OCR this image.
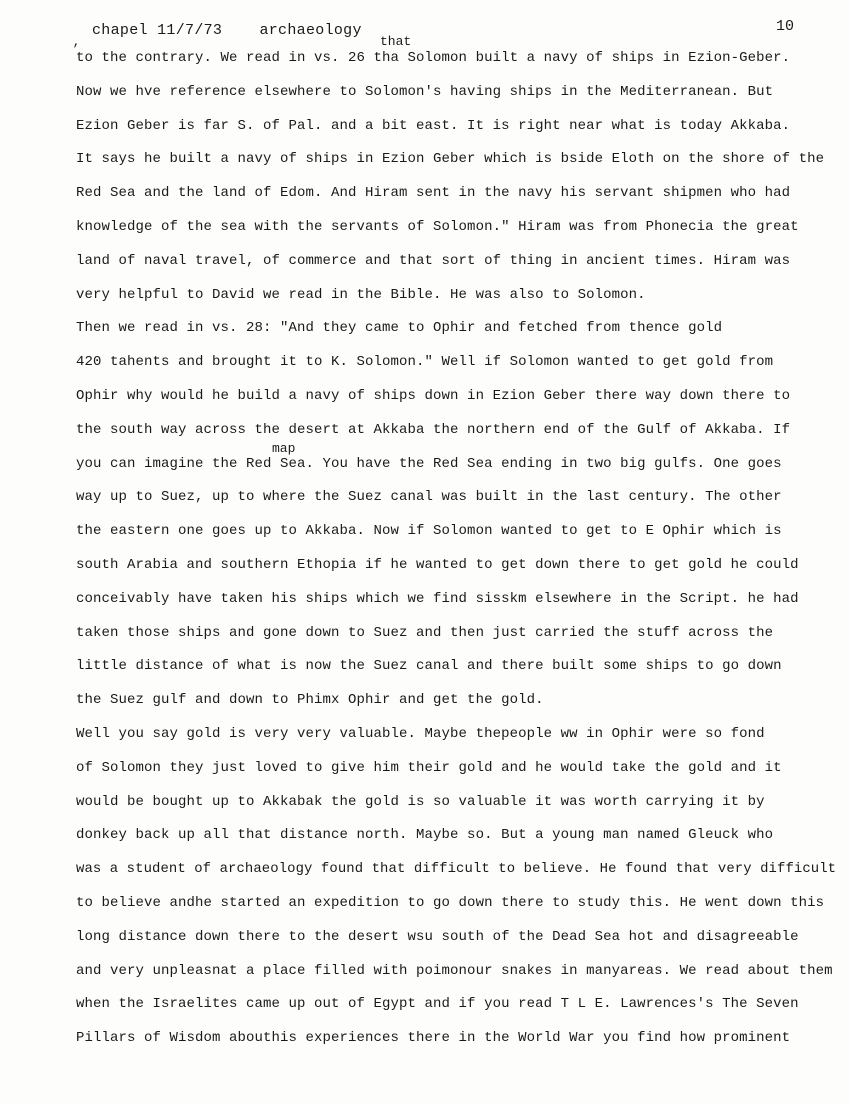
chapel 11/7/73 archaeology	10
‚	that
map
to the contrary. We read in vs. 26 tha Solomon built a navy of ships in Ezion-Geber.
Now we hve reference elsewhere to Solomon's having ships in the Mediterranean. But
Ezion Geber is far S. of Pal. and a bit east. It is right near what is today Akkaba.
It says he built a navy of ships in Ezion Geber which is bside Eloth on the shore of the
Red Sea and the land of Edom. And Hiram sent in the navy his servant shipmen who had
knowledge of the sea with the servants of Solomon." Hiram was from Phonecia the great
land of naval travel, of commerce and that sort of thing in ancient times. Hiram was
very helpful to David we read in the Bible. He was also to Solomon.
Then we read in vs. 28: "And they came to Ophir and fetched from thence gold
420 tahents and brought it to K. Solomon." Well if Solomon wanted to get gold from
Ophir why would he build a navy of ships down in Ezion Geber there way down there to
the south way across the desert at Akkaba the northern end of the Gulf of Akkaba. If
you can imagine the Red Sea. You have the Red Sea ending in two big gulfs. One goes
way up to Suez, up to where the Suez canal was built in the last century. The other
the eastern one goes up to Akkaba. Now if Solomon wanted to get to E Ophir which is
south Arabia and southern Ethopia if he wanted to get down there to get gold he could
conceivably have taken his ships which we find sisskm elsewhere in the Script. he had
taken those ships and gone down to Suez and then just carried the stuff across the
little distance of what is now the Suez canal and there built some ships to go down
the Suez gulf and down to Phimx Ophir and get the gold.
Well you say gold is very very valuable. Maybe thepeople ww in Ophir were so fond
of Solomon they just loved to give him their gold and he would take the gold and it
would be bought up to Akkabak the gold is so valuable it was worth carrying it by
donkey back up all that distance north. Maybe so. But a young man named Gleuck who
was a student of archaeology found that difficult to believe. He found that very difficult
to believe andhe started an expedition to go down there to study this. He went down this
long distance down there to the desert wsu south of the Dead Sea hot and disagreeable
and very unpleasnat a place filled with poimonour snakes in manyareas. We read about them
when the Israelites came up out of Egypt and if you read T L E. Lawrences's The Seven
Pillars of Wisdom abouthis experiences there in the World War you find how prominent
